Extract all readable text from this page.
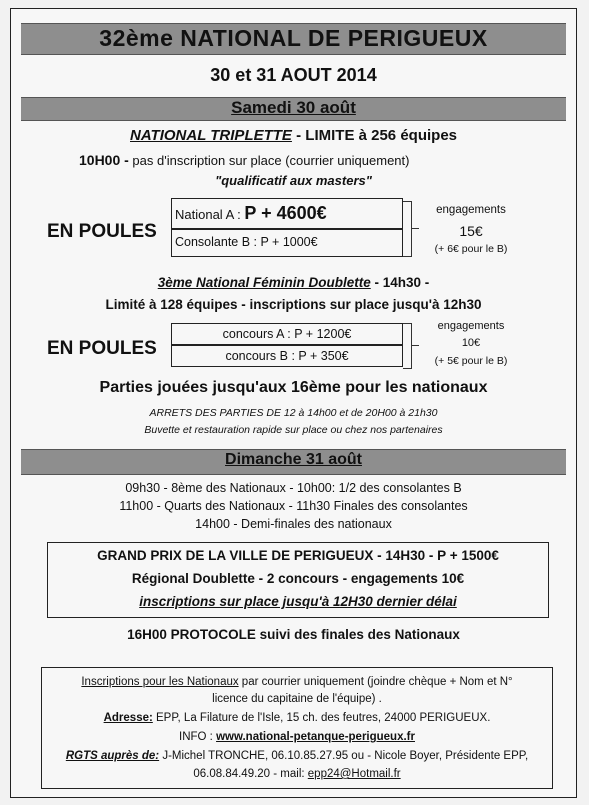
32ème NATIONAL DE PERIGUEUX
30 et 31 AOUT 2014
Samedi 30 août
NATIONAL TRIPLETTE - LIMITE à 256 équipes
10H00 - pas d'inscription sur place (courrier uniquement)
"qualificatif aux masters"
EN POULES
National A : P + 4600€
Consolante B : P + 1000€
engagements
15€
(+ 6€ pour le B)
3ème National Féminin Doublette - 14h30 -
Limité à 128 équipes - inscriptions sur place jusqu'à 12h30
EN POULES
concours A : P + 1200€
concours B : P + 350€
engagements
10€
(+ 5€ pour le B)
Parties jouées jusqu'aux 16ème pour les nationaux
ARRETS DES PARTIES DE 12 à 14h00 et de 20H00 à 21h30
Buvette et restauration rapide sur place ou chez nos partenaires
Dimanche 31 août
09h30 - 8ème des Nationaux - 10h00: 1/2 des consolantes B
11h00 - Quarts des Nationaux - 11h30 Finales des consolantes
14h00 - Demi-finales des nationaux
GRAND PRIX DE LA VILLE DE PERIGUEUX - 14H30 - P + 1500€
Régional Doublette - 2 concours - engagements 10€
inscriptions sur place jusqu'à 12H30 dernier délai
16H00 PROTOCOLE suivi des finales des Nationaux
Inscriptions pour les Nationaux par courrier uniquement (joindre chèque + Nom et N°
licence du capitaine de l'équipe) .
Adresse: EPP, La Filature de l'Isle, 15 ch. des feutres, 24000 PERIGUEUX.
INFO : www.national-petanque-perigueux.fr
RGTS auprès de: J-Michel TRONCHE, 06.10.85.27.95 ou - Nicole Boyer, Présidente EPP,
06.08.84.49.20 - mail: epp24@Hotmail.fr
